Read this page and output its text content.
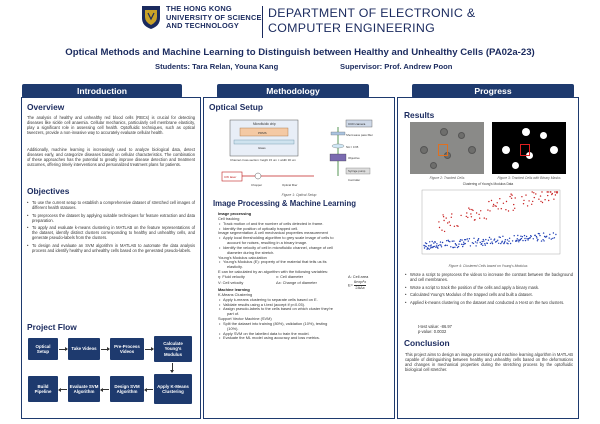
THE HONG KONG
UNIVERSITY OF SCIENCE
AND TECHNOLOGY
DEPARTMENT OF ELECTRONIC &
COMPUTER ENGINEERING
Optical Methods and Machine Learning to Distinguish between Healthy and Unhealthy Cells (PA02a-23)
Students: Tara Relan, Youna Kang	Supervisor: Prof. Andrew Poon
Introduction
Overview
The analysis of healthy and unhealthy red blood cells (RBCs) is crucial for detecting diseases like sickle cell anaemia. Cellular mechanics, particularly cell membrane elasticity, play a significant role in assessing cell health. Optofluidic techniques, such as optical tweezers, provide a non-invasive way to accurately evaluate cellular health.
Additionally, machine learning is increasingly used to analyze biological data, detect diseases early, and categorize diseases based on cellular characteristics. The combination of these approaches has the potential to greatly improve disease detection and treatment outcomes, offering timely interventions and personalized treatment plans for patients.
Objectives
• To use the current setup to establish a comprehensive dataset of stretched cell images of different health statuses.
• To preprocess the dataset by applying suitable techniques for feature extraction and data preparation.
• To apply and evaluate k-means clustering in MATLAB on the feature representations of the dataset, identify distinct clusters corresponding to healthy and unhealthy cells, and generate pseudo-labels from the clusters.
• To design and evaluate an SVM algorithm in MATLAB to automate the data analysis process and identify healthy and unhealthy cells based on the generated pseudo-labels.
Project Flow
Optical Setup
Take Videos
Pre-Process Videos
Calculate Young's Modulus
Build Pipeline
Evaluate SVM Algorithm
Design SVM Algorithm
Apply K-Means Clustering
Methodology
Optical Setup
Microfluidic chip
PDMS
Glass
Channel cross-section: height 15 um × width 30 um
CCD camera
Short-wave pass filter
NA = 0.65
Objective
CW laser
Chopper	Optical fiber
Syringe pump
Controller
Figure 1: Optical Setup
Image Processing & Machine Learning
Image processing
Cell tracking
• Track motion of and the number of cells detected in frame.
• Identify the position of optically trapped cell.
Image segmentation & cell mechanical properties measurement
• Apply local thresholding algorithm to grey scale image of cells to
account for noises, resulting in a binary image.
• Identify the velocity of cell in microfluidic channel, change of cell
diameter during the stretch.
Young's Modulus calculation
• Young's Modulus (E): property of the material that tells us its
elasticity.
E can be calculated by an algorithm with the following variables:
η: Fluid velocity	x: Cell diameter	A: Cell area
V: Cell velocity	Δx: Change of diameter	E=
6πηv²x
2AΔx
Machine learning
K-Means Clustering
• Apply k-means clustering to separate cells based on E.
• Validate results using a t-test (accept if p<0.05).
• Assign pseudo-labels to the cells based on which cluster they're
part of.
Support Vector Machine (SVM)
• Split the dataset into training (80%), validation (10%), testing
(10%).
• Apply SVM on the labelled data to train the model.
• Evaluate the ML model using accuracy and loss metrics.
Progress
Results
Figure 2: Tracked Cells	Figure 3: Tracked Cells with Binary Masks
Clustering of Young's Modulus Data
Figure 4: Clustered Cells based on Young's Modulus
• Wrote a script to preprocess the videos to increase the contrast between the background and cell membranes.
• Wrote a script to track the position of the cells and apply a binary mask.
• Calculated Young's Modulus of the trapped cells and built a dataset.
• Applied k-means clustering on the dataset and conducted a t-test on the two clusters.
t-test value: -86.97
p-value: 0.0032
Conclusion
This project aims to design an image processing and machine learning algorithm in MATLAB capable of distinguishing between healthy and unhealthy cells based on the deformations and changes in mechanical properties during the stretching process by the optofluidic biological cell stretcher.
